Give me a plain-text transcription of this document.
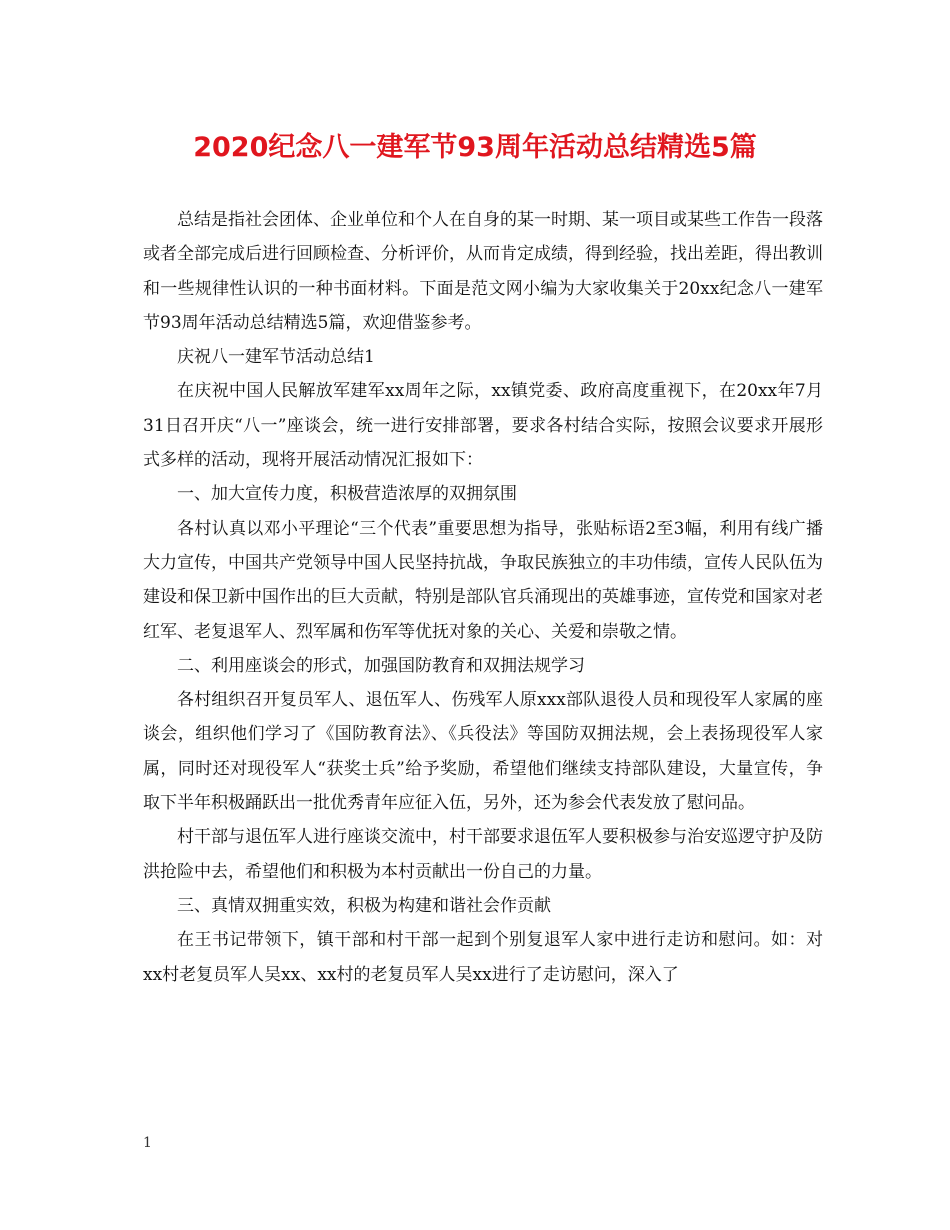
2020纪念八一建军节93周年活动总结精选5篇

总结是指社会团体、企业单位和个人在自身的某一时期、某一项目或某些工作告一段落或者全部完成后进行回顾检查、分析评价，从而肯定成绩，得到经验，找出差距，得出教训和一些规律性认识的一种书面材料。下面是范文网小编为大家收集关于20xx纪念八一建军节93周年活动总结精选5篇，欢迎借鉴参考。

庆祝八一建军节活动总结1

在庆祝中国人民解放军建军xx周年之际，xx镇党委、政府高度重视下，在20xx年7月31日召开庆“八一”座谈会，统一进行安排部署，要求各村结合实际，按照会议要求开展形式多样的活动，现将开展活动情况汇报如下：

一、加大宣传力度，积极营造浓厚的双拥氛围

各村认真以邓小平理论“三个代表”重要思想为指导，张贴标语2至3幅，利用有线广播大力宣传，中国共产党领导中国人民坚持抗战，争取民族独立的丰功伟绩，宣传人民队伍为建设和保卫新中国作出的巨大贡献，特别是部队官兵涌现出的英雄事迹，宣传党和国家对老红军、老复退军人、烈军属和伤军等优抚对象的关心、关爱和崇敬之情。

二、利用座谈会的形式，加强国防教育和双拥法规学习

各村组织召开复员军人、退伍军人、伤残军人原xxx部队退役人员和现役军人家属的座谈会，组织他们学习了《国防教育法》、《兵役法》等国防双拥法规，会上表扬现役军人家属，同时还对现役军人“获奖士兵”给予奖励，希望他们继续支持部队建设，大量宣传，争取下半年积极踊跃出一批优秀青年应征入伍，另外，还为参会代表发放了慰问品。

村干部与退伍军人进行座谈交流中，村干部要求退伍军人要积极参与治安巡逻守护及防洪抢险中去，希望他们和积极为本村贡献出一份自己的力量。

三、真情双拥重实效，积极为构建和谐社会作贡献

在王书记带领下，镇干部和村干部一起到个别复退军人家中进行走访和慰问。如：对xx村老复员军人吴xx、xx村的老复员军人吴xx进行了走访慰问，深入了

1
